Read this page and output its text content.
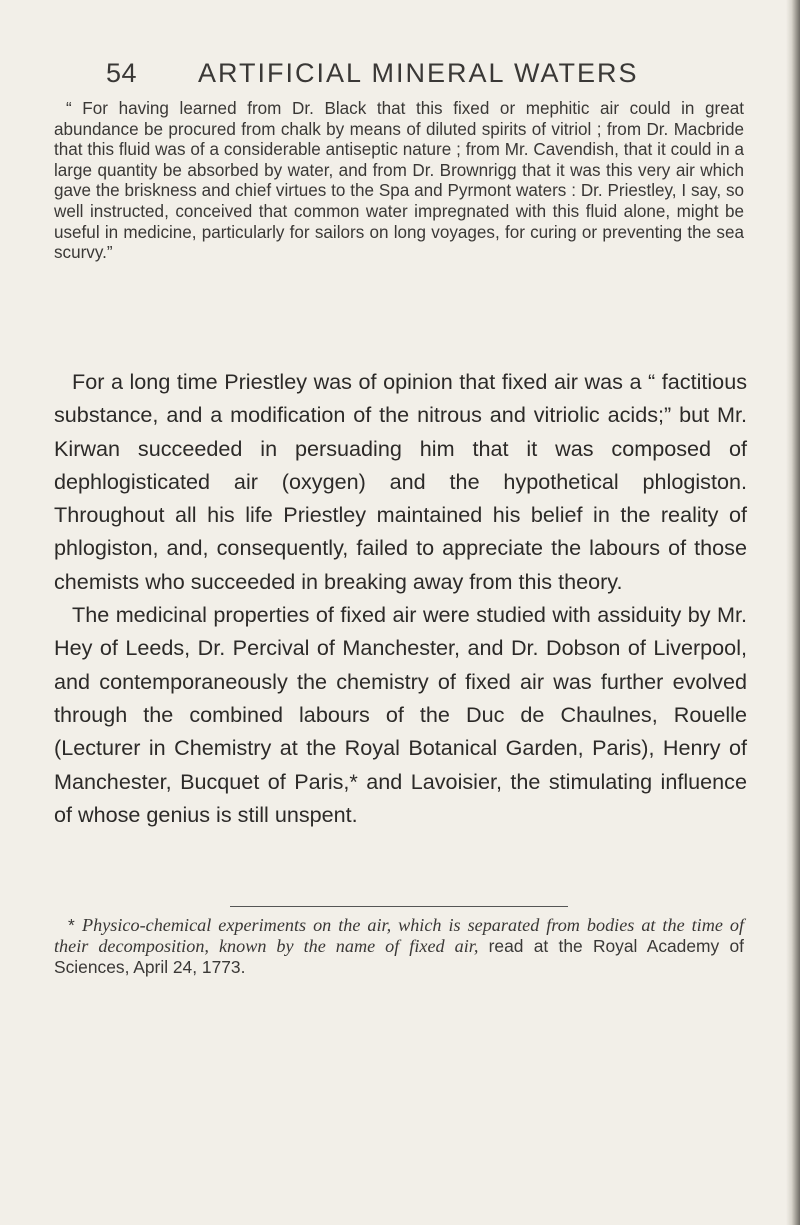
54 ARTIFICIAL MINERAL WATERS

“ For having learned from Dr. Black that this fixed or mephitic air could in great abundance be procured from chalk by means of diluted spirits of vitriol ; from Dr. Macbride that this fluid was of a considerable antiseptic nature ; from Mr. Cavendish, that it could in a large quantity be absorbed by water, and from Dr. Brownrigg that it was this very air which gave the briskness and chief virtues to the Spa and Pyrmont waters : Dr. Priestley, I say, so well instructed, conceived that common water impregnated with this fluid alone, might be useful in medicine, particularly for sailors on long voyages, for curing or preventing the sea scurvy.”

For a long time Priestley was of opinion that fixed air was a “ factitious substance, and a modification of the nitrous and vitriolic acids;” but Mr. Kirwan succeeded in persuading him that it was composed of dephlogisticated air (oxygen) and the hypothetical phlogiston. Throughout all his life Priestley maintained his belief in the reality of phlogiston, and, consequently, failed to appreciate the labours of those chemists who succeeded in breaking away from this theory.

The medicinal properties of fixed air were studied with assiduity by Mr. Hey of Leeds, Dr. Percival of Manchester, and Dr. Dobson of Liverpool, and contemporaneously the chemistry of fixed air was further evolved through the combined labours of the Duc de Chaulnes, Rouelle (Lecturer in Chemistry at the Royal Botanical Garden, Paris), Henry of Manchester, Bucquet of Paris,* and Lavoisier, the stimulating influence of whose genius is still unspent.

* Physico-chemical experiments on the air, which is separated from bodies at the time of their decomposition, known by the name of fixed air, read at the Royal Academy of Sciences, April 24, 1773.
